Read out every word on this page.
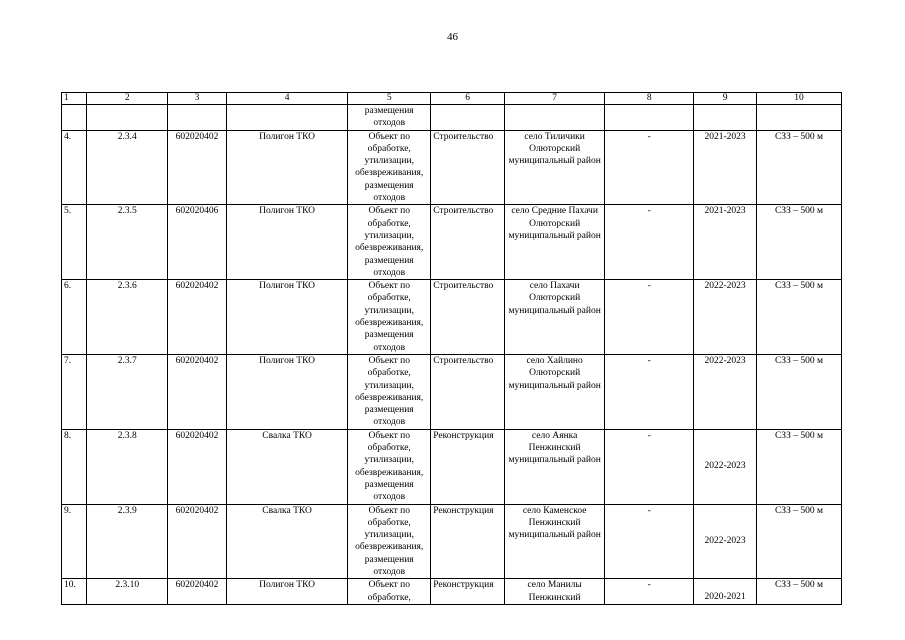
46
1	2	3	4	5	6	7	8	9	10
				размещения отходов					
4.	2.3.4	602020402	Полигон ТКО	Объект по обработке, утилизации, обезвреживания, размещения отходов	Строительство	село Тиличики Олюторский муниципальный район	-	2021-2023	СЗЗ – 500 м
5.	2.3.5	602020406	Полигон ТКО	Объект по обработке, утилизации, обезвреживания, размещения отходов	Строительство	село Средние Пахачи Олюторский муниципальный район	-	2021-2023	СЗЗ – 500 м
6.	2.3.6	602020402	Полигон ТКО	Объект по обработке, утилизации, обезвреживания, размещения отходов	Строительство	село Пахачи Олюторский муниципальный район	-	2022-2023	СЗЗ – 500 м
7.	2.3.7	602020402	Полигон ТКО	Объект по обработке, утилизации, обезвреживания, размещения отходов	Строительство	село Хайлино Олюторский муниципальный район	-	2022-2023	СЗЗ – 500 м
8.	2.3.8	602020402	Свалка ТКО	Объект по обработке, утилизации, обезвреживания, размещения отходов	Реконструкция	село Аянка Пенжинский муниципальный район	-	2022-2023	СЗЗ – 500 м
9.	2.3.9	602020402	Свалка ТКО	Объект по обработке, утилизации, обезвреживания, размещения отходов	Реконструкция	село Каменское Пенжинский муниципальный район	-	2022-2023	СЗЗ – 500 м
10.	2.3.10	602020402	Полигон ТКО	Объект по обработке,	Реконструкция	село Манилы Пенжинский	-	2020-2021	СЗЗ – 500 м
